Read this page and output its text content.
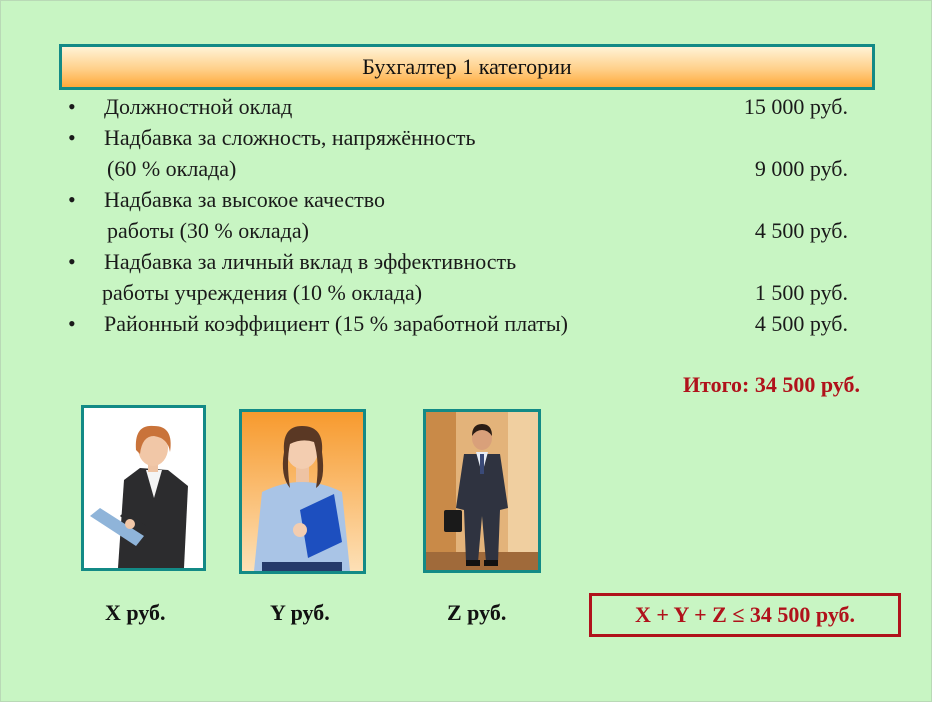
Бухгалтер 1 категории
• Должностной оклад	15 000 руб.
• Надбавка за сложность, напряжённость
(60 % оклада)	9 000 руб.
• Надбавка за высокое качество
работы (30 % оклада)	4 500 руб.
• Надбавка за личный вклад в эффективность
работы учреждения (10 % оклада)	1 500 руб.
• Районный коэффициент (15 % заработной платы)	4 500 руб.
Итого: 34 500 руб.
X руб.	Y руб.	Z руб.	X + Y + Z ≤ 34 500 руб.
